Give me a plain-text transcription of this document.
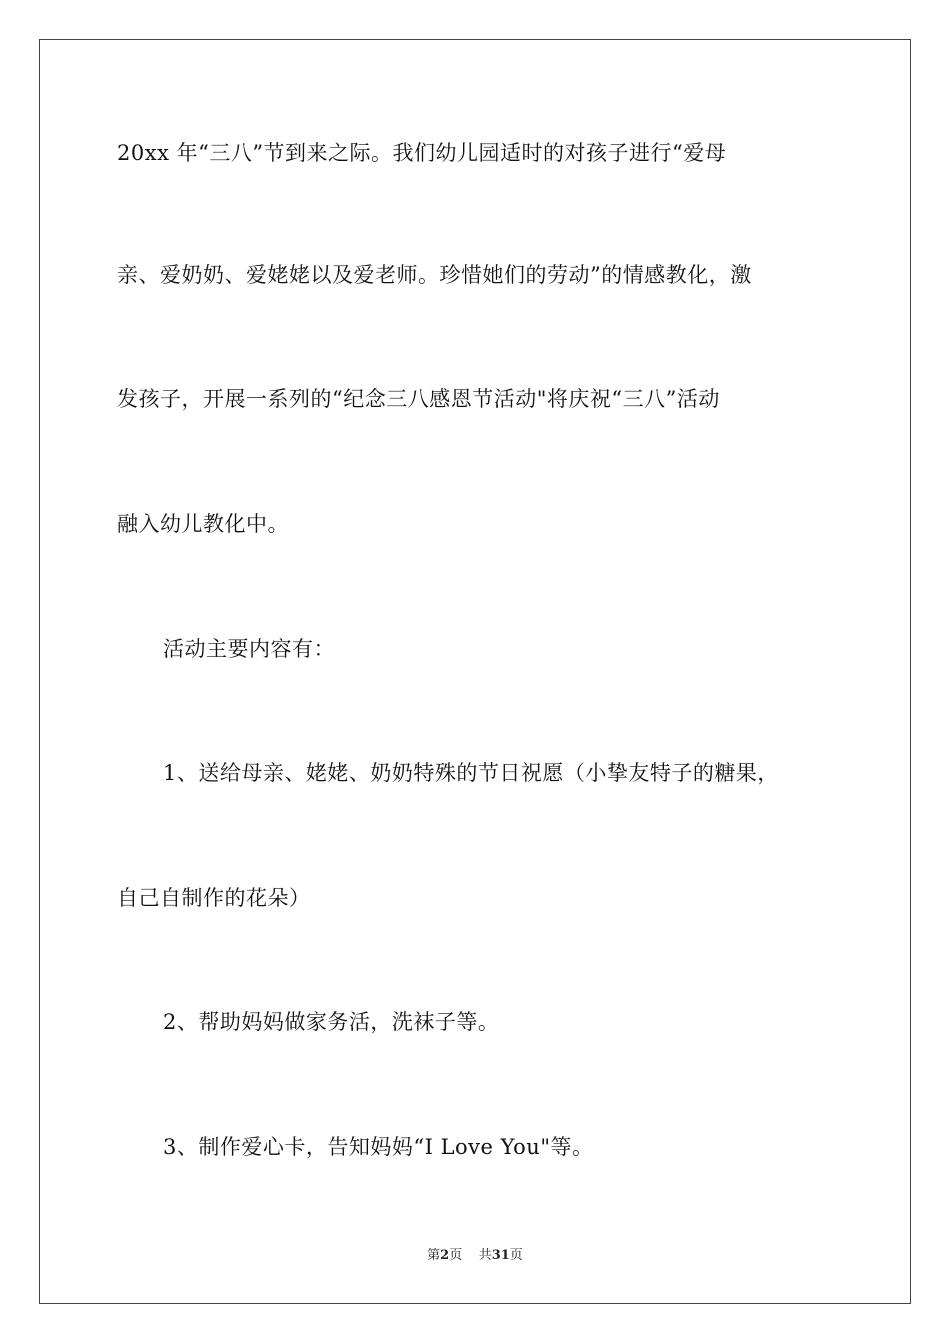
20xx 年“三八”节到来之际。我们幼儿园适时的对孩子进行“爱母
亲、爱奶奶、爱姥姥以及爱老师。珍惜她们的劳动”的情感教化，激
发孩子，开展一系列的“纪念三八感恩节活动"将庆祝“三八”活动
融入幼儿教化中。
活动主要内容有：
1、送给母亲、姥姥、奶奶特殊的节日祝愿（小挚友特子的糖果，
自己自制作的花朵）
2、帮助妈妈做家务活，洗袜子等。
3、制作爱心卡，告知妈妈“I Love You"等。
第2页 共31页
